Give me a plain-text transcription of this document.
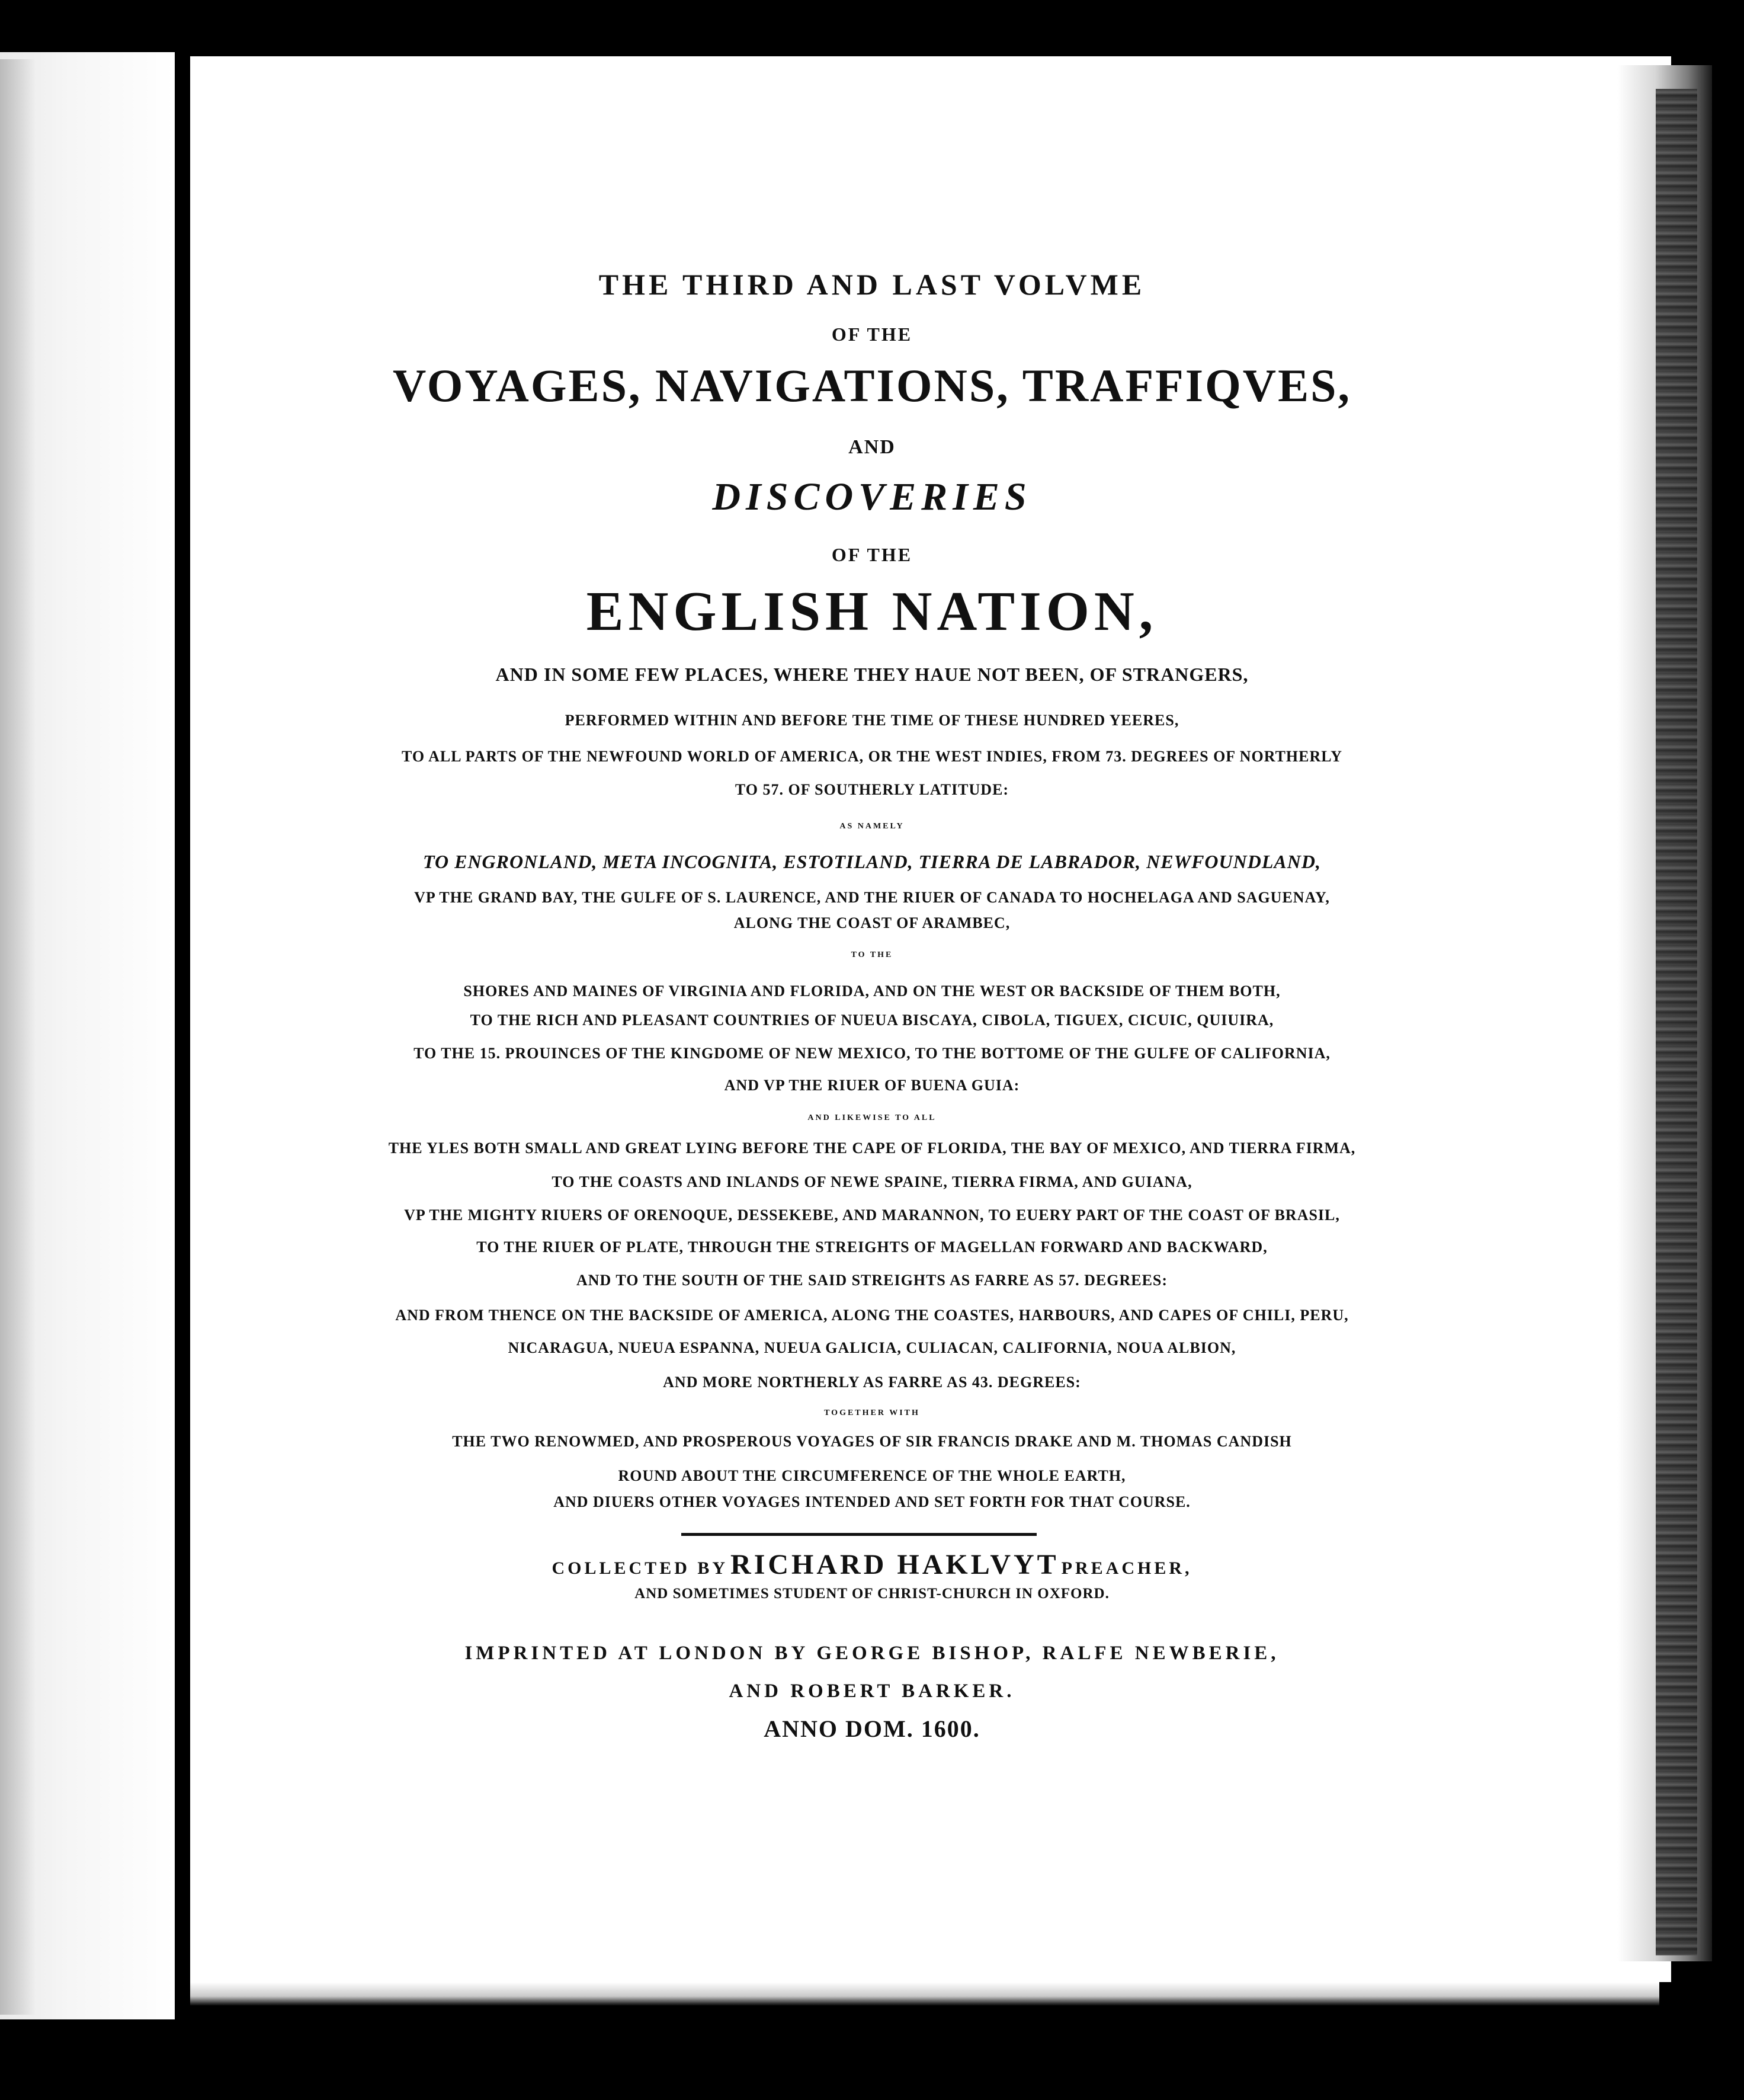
THE THIRD AND LAST VOLVME

OF THE

VOYAGES, NAVIGATIONS, TRAFFIQVES,

AND

DISCOVERIES

OF THE

ENGLISH NATION,

AND IN SOME FEW PLACES, WHERE THEY HAUE NOT BEEN, OF STRANGERS,

PERFORMED WITHIN AND BEFORE THE TIME OF THESE HUNDRED YEERES,

TO ALL PARTS OF THE NEWFOUND WORLD OF AMERICA, OR THE WEST INDIES, FROM 73. DEGREES OF NORTHERLY

TO 57. OF SOUTHERLY LATITUDE:

AS NAMELY

TO ENGRONLAND, META INCOGNITA, ESTOTILAND, TIERRA DE LABRADOR, NEWFOUNDLAND,

VP THE GRAND BAY, THE GULFE OF S. LAURENCE, AND THE RIUER OF CANADA TO HOCHELAGA AND SAGUENAY,

ALONG THE COAST OF ARAMBEC,

TO THE

SHORES AND MAINES OF VIRGINIA AND FLORIDA, AND ON THE WEST OR BACKSIDE OF THEM BOTH,

TO THE RICH AND PLEASANT COUNTRIES OF NUEUA BISCAYA, CIBOLA, TIGUEX, CICUIC, QUIUIRA,

TO THE 15. PROUINCES OF THE KINGDOME OF NEW MEXICO, TO THE BOTTOME OF THE GULFE OF CALIFORNIA,

AND VP THE RIUER OF BUENA GUIA:

AND LIKEWISE TO ALL

THE YLES BOTH SMALL AND GREAT LYING BEFORE THE CAPE OF FLORIDA, THE BAY OF MEXICO, AND TIERRA FIRMA,

TO THE COASTS AND INLANDS OF NEWE SPAINE, TIERRA FIRMA, AND GUIANA,

VP THE MIGHTY RIUERS OF ORENOQUE, DESSEKEBE, AND MARANNON, TO EUERY PART OF THE COAST OF BRASIL,

TO THE RIUER OF PLATE, THROUGH THE STREIGHTS OF MAGELLAN FORWARD AND BACKWARD,

AND TO THE SOUTH OF THE SAID STREIGHTS AS FARRE AS 57. DEGREES:

AND FROM THENCE ON THE BACKSIDE OF AMERICA, ALONG THE COASTES, HARBOURS, AND CAPES OF CHILI, PERU,

NICARAGUA, NUEUA ESPANNA, NUEUA GALICIA, CULIACAN, CALIFORNIA, NOUA ALBION,

AND MORE NORTHERLY AS FARRE AS 43. DEGREES:

TOGETHER WITH

THE TWO RENOWMED, AND PROSPEROUS VOYAGES OF SIR FRANCIS DRAKE AND M. THOMAS CANDISH

ROUND ABOUT THE CIRCUMFERENCE OF THE WHOLE EARTH,

AND DIUERS OTHER VOYAGES INTENDED AND SET FORTH FOR THAT COURSE.

COLLECTED BY RICHARD HAKLVYT PREACHER,

AND SOMETIMES STUDENT OF CHRIST-CHURCH IN OXFORD.

IMPRINTED AT LONDON BY GEORGE BISHOP, RALFE NEWBERIE,

AND ROBERT BARKER.

ANNO DOM. 1600.
